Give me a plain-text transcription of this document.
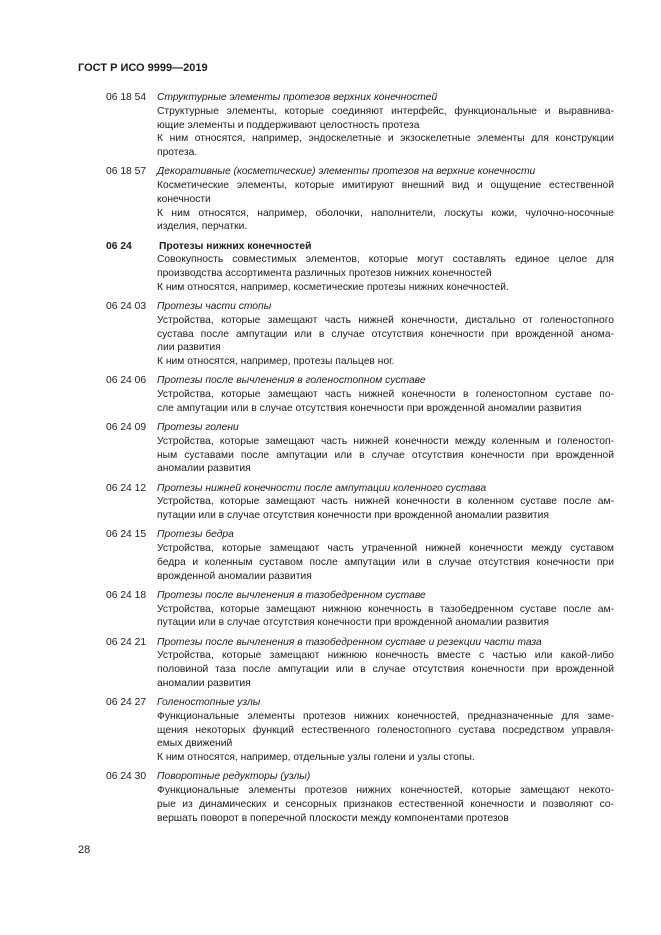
ГОСТ Р ИСО 9999—2019
06 18 54 Структурные элементы протезов верхних конечностей
Структурные элементы, которые соединяют интерфейс, функциональные и выравнива-
ющие элементы и поддерживают целостность протеза
К ним относятся, например, эндоскелетные и экзоскелетные элементы для конструкции
протеза.
06 18 57 Декоративные (косметические) элементы протезов на верхние конечности
Косметические элементы, которые имитируют внешний вид и ощущение естественной
конечности
К ним относятся, например, оболочки, наполнители, лоскуты кожи, чулочно-носочные
изделия, перчатки.
06 24	Протезы нижних конечностей
Совокупность совместимых элементов, которые могут составлять единое целое для
производства ассортимента различных протезов нижних конечностей
К ним относятся, например, косметические протезы нижних конечностей.
06 24 03 Протезы части стопы
Устройства, которые замещают часть нижней конечности, дистально от голеностопного
сустава после ампутации или в случае отсутствия конечности при врожденной анома-
лии развития
К ним относятся, например, протезы пальцев ног.
06 24 06 Протезы после вычленения в голеностопном суставе
Устройства, которые замещают часть нижней конечности в голеностопном суставе по-
сле ампутации или в случае отсутствия конечности при врожденной аномалии развития
06 24 09 Протезы голени
Устройства, которые замещают часть нижней конечности между коленным и голеностоп-
ным суставами после ампутации или в случае отсутствия конечности при врожденной
аномалии развития
06 24 12 Протезы нижней конечности после ампутации коленного сустава
Устройства, которые замещают часть нижней конечности в коленном суставе после ам-
путации или в случае отсутствия конечности при врожденной аномалии развития
06 24 15 Протезы бедра
Устройства, которые замещают часть утраченной нижней конечности между суставом
бедра и коленным суставом после ампутации или в случае отсутствия конечности при
врожденной аномалии развития
06 24 18 Протезы после вычленения в тазобедренном суставе
Устройства, которые замещают нижнюю конечность в тазобедренном суставе после ам-
путации или в случае отсутствия конечности при врожденной аномалии развития
06 24 21 Протезы после вычленения в тазобедренном суставе и резекции части таза
Устройства, которые замещают нижнюю конечность вместе с частью или какой-либо
половиной таза после ампутации или в случае отсутствия конечности при врожденной
аномалии развития
06 24 27 Голеностопные узлы
Функциональные элементы протезов нижних конечностей, предназначенные для заме-
щения некоторых функций естественного голеностопного сустава посредством управля-
емых движений
К ним относятся, например, отдельные узлы голени и узлы стопы.
06 24 30 Поворотные редукторы (узлы)
Функциональные элементы протезов нижних конечностей, которые замещают некото-
рые из динамических и сенсорных признаков естественной конечности и позволяют со-
вершать поворот в поперечной плоскости между компонентами протезов
28
